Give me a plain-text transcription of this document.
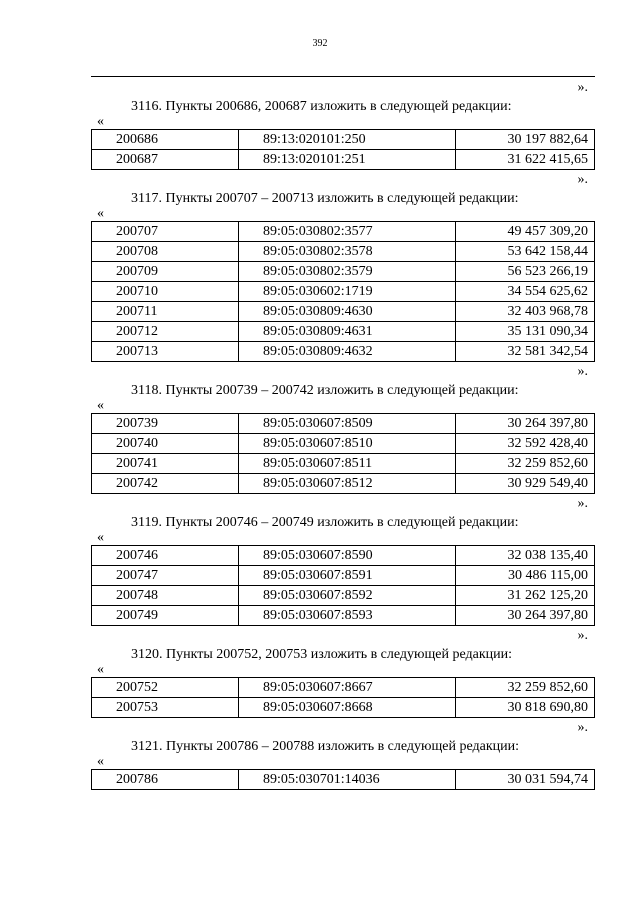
392
».
3116. Пункты 200686, 200687 изложить в следующей редакции:
«
200686	89:13:020101:250	30 197 882,64
200687	89:13:020101:251	31 622 415,65
».
3117. Пункты 200707 – 200713 изложить в следующей редакции:
«
200707	89:05:030802:3577	49 457 309,20
200708	89:05:030802:3578	53 642 158,44
200709	89:05:030802:3579	56 523 266,19
200710	89:05:030602:1719	34 554 625,62
200711	89:05:030809:4630	32 403 968,78
200712	89:05:030809:4631	35 131 090,34
200713	89:05:030809:4632	32 581 342,54
».
3118. Пункты 200739 – 200742 изложить в следующей редакции:
«
200739	89:05:030607:8509	30 264 397,80
200740	89:05:030607:8510	32 592 428,40
200741	89:05:030607:8511	32 259 852,60
200742	89:05:030607:8512	30 929 549,40
».
3119. Пункты 200746 – 200749 изложить в следующей редакции:
«
200746	89:05:030607:8590	32 038 135,40
200747	89:05:030607:8591	30 486 115,00
200748	89:05:030607:8592	31 262 125,20
200749	89:05:030607:8593	30 264 397,80
».
3120. Пункты 200752, 200753 изложить в следующей редакции:
«
200752	89:05:030607:8667	32 259 852,60
200753	89:05:030607:8668	30 818 690,80
».
3121. Пункты 200786 – 200788 изложить в следующей редакции:
«
200786	89:05:030701:14036	30 031 594,74
